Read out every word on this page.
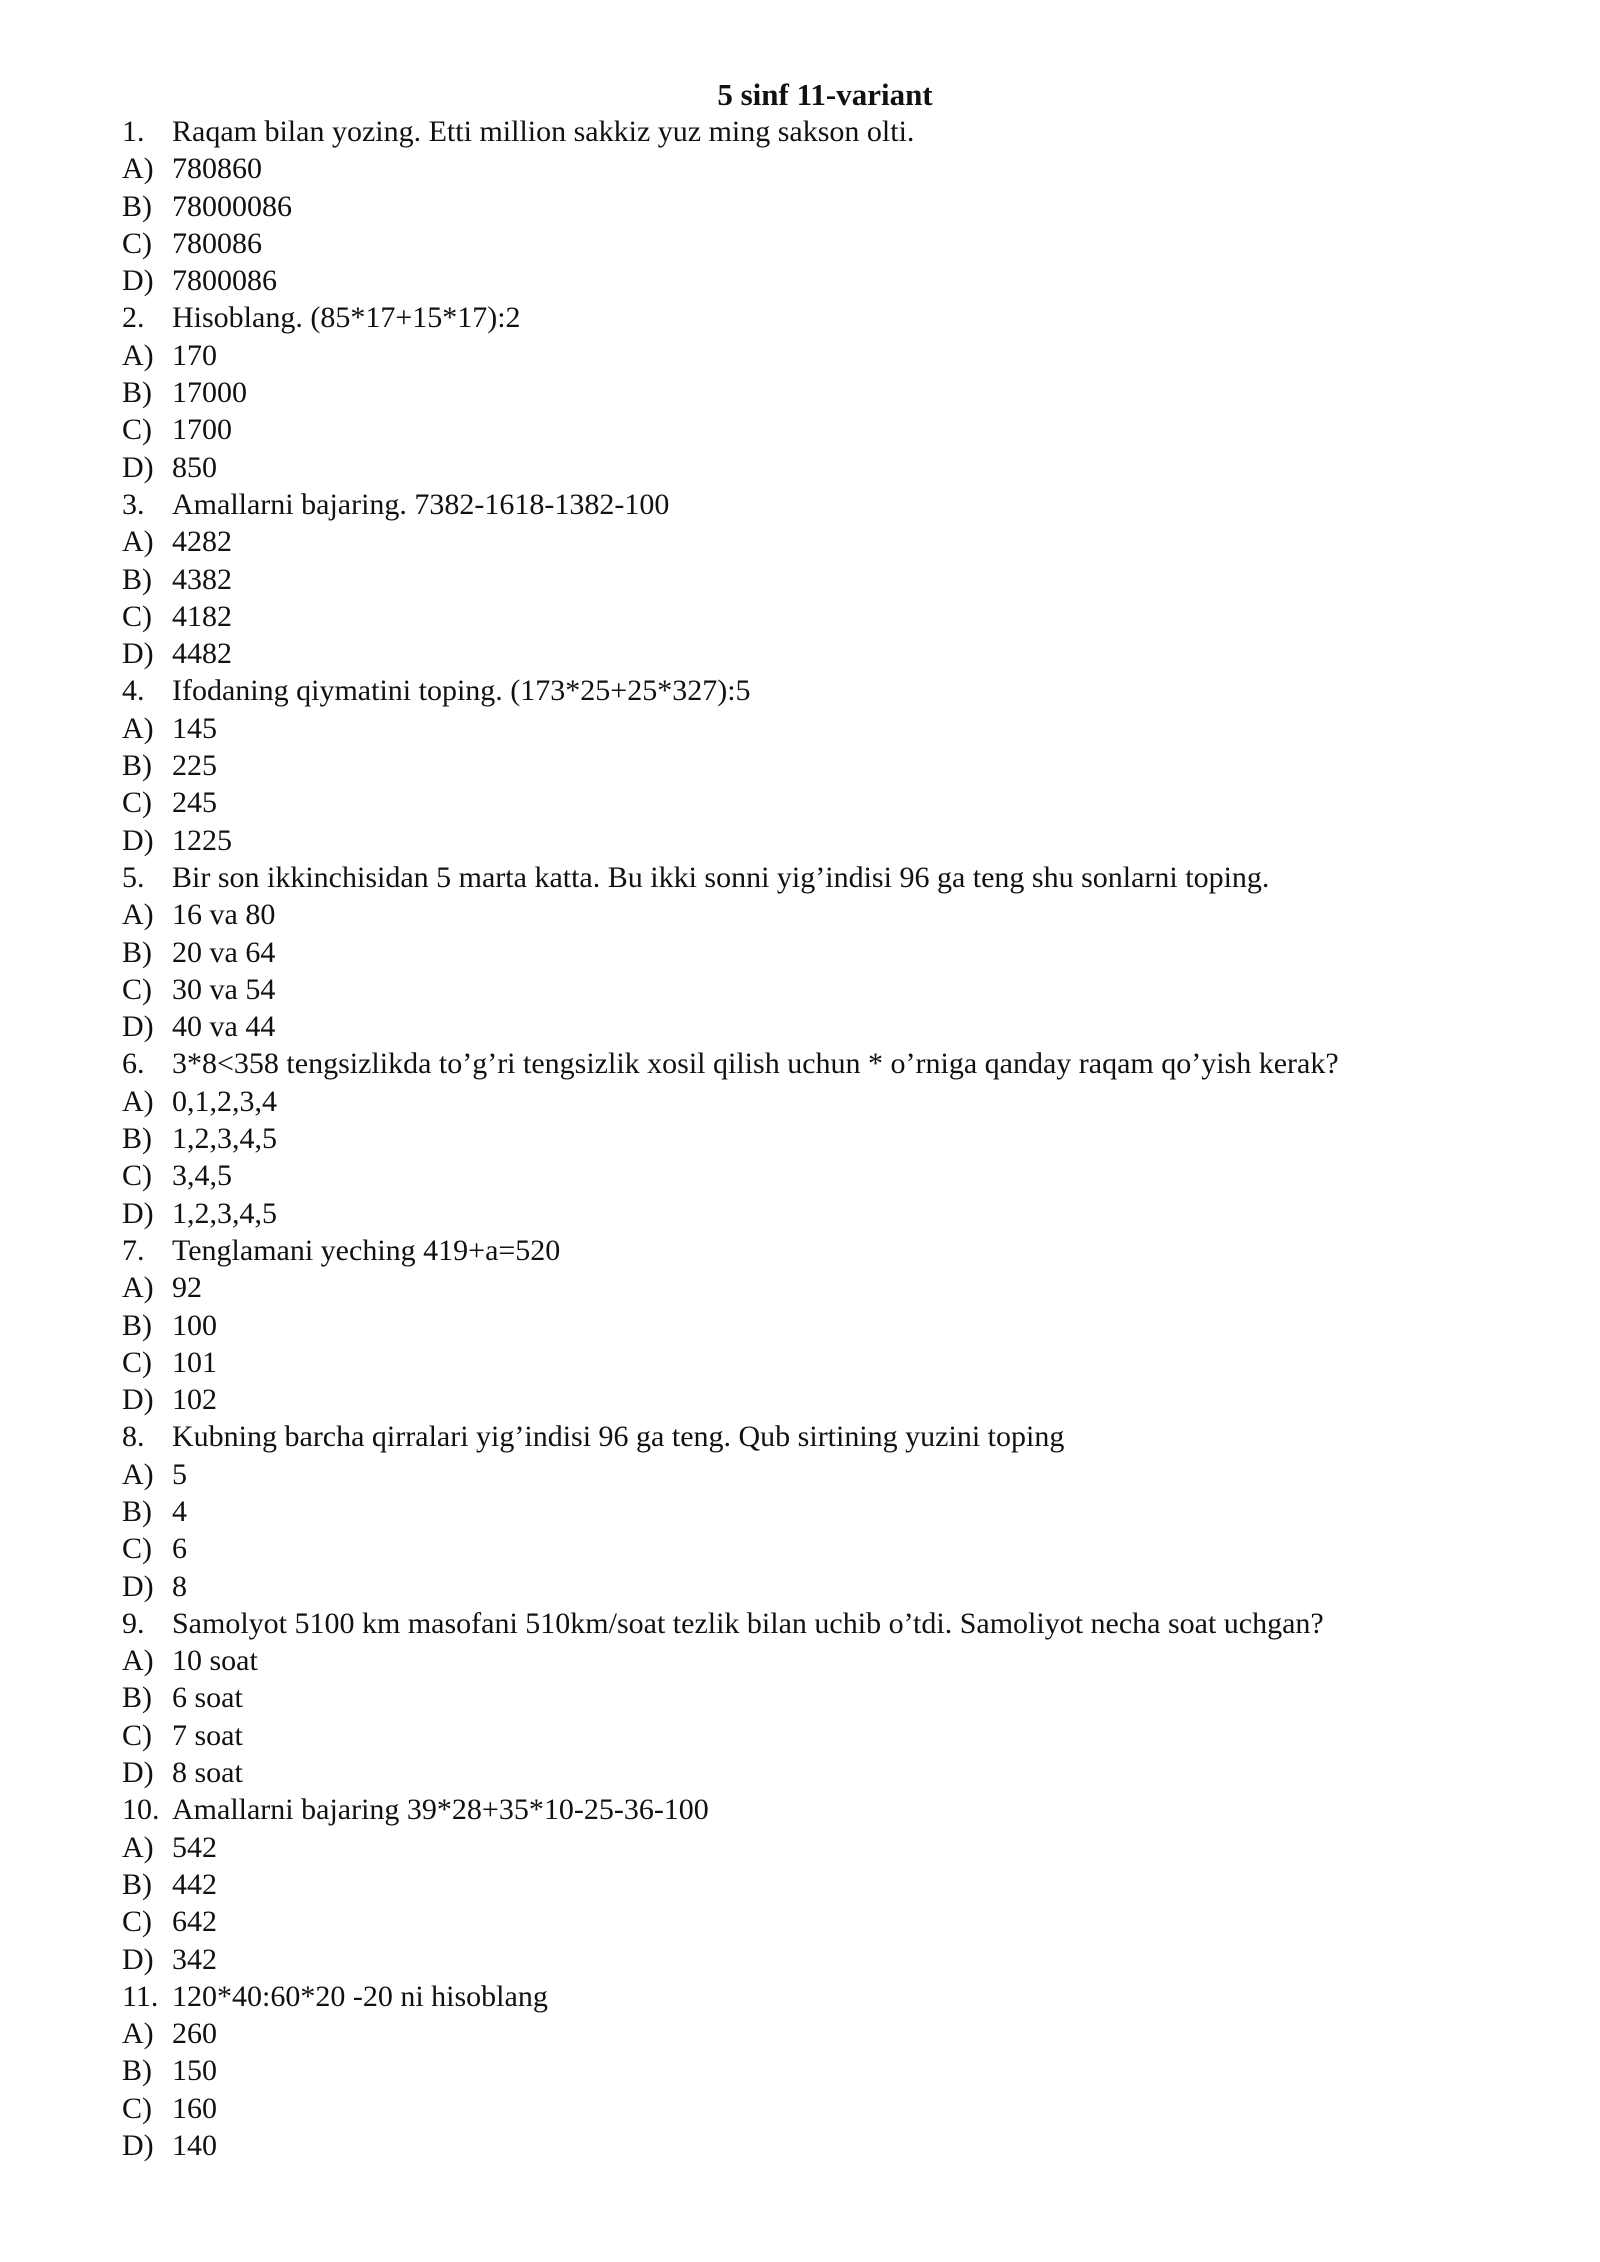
5 sinf 11-variant
1. Raqam bilan yozing. Etti million sakkiz yuz ming sakson olti.
A) 780860
B) 78000086
C) 780086
D) 7800086
2. Hisoblang. (85*17+15*17):2
A) 170
B) 17000
C) 1700
D) 850
3. Amallarni bajaring. 7382-1618-1382-100
A) 4282
B) 4382
C) 4182
D) 4482
4. Ifodaning qiymatini toping. (173*25+25*327):5
A) 145
B) 225
C) 245
D) 1225
5. Bir son ikkinchisidan 5 marta katta. Bu ikki sonni yig’indisi 96 ga teng shu sonlarni toping.
A) 16 va 80
B) 20 va 64
C) 30 va 54
D) 40 va 44
6. 3*8<358 tengsizlikda to’g’ri tengsizlik xosil qilish uchun * o’rniga qanday raqam qo’yish kerak?
A) 0,1,2,3,4
B) 1,2,3,4,5
C) 3,4,5
D) 1,2,3,4,5
7. Tenglamani yeching 419+a=520
A) 92
B) 100
C) 101
D) 102
8. Kubning barcha qirralari yig’indisi 96 ga teng. Qub sirtining yuzini toping
A) 5
B) 4
C) 6
D) 8
9. Samolyot 5100 km masofani 510km/soat tezlik bilan uchib o’tdi. Samoliyot necha soat uchgan?
A) 10 soat
B) 6 soat
C) 7 soat
D) 8 soat
10. Amallarni bajaring 39*28+35*10-25-36-100
A) 542
B) 442
C) 642
D) 342
11. 120*40:60*20 -20 ni hisoblang
A) 260
B) 150
C) 160
D) 140
